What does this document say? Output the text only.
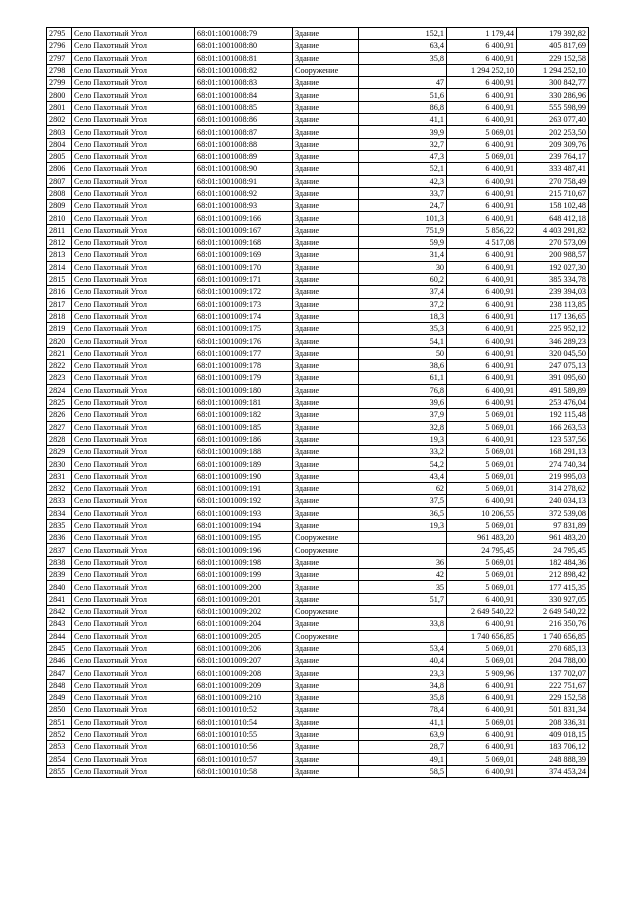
2795	Село Пахотный Угол	68:01:1001008:79	Здание	152,1	1 179,44	179 392,82
2796	Село Пахотный Угол	68:01:1001008:80	Здание	63,4	6 400,91	405 817,69
2797	Село Пахотный Угол	68:01:1001008:81	Здание	35,8	6 400,91	229 152,58
2798	Село Пахотный Угол	68:01:1001008:82	Сооружение		1 294 252,10	1 294 252,10
2799	Село Пахотный Угол	68:01:1001008:83	Здание	47	6 400,91	300 842,77
2800	Село Пахотный Угол	68:01:1001008:84	Здание	51,6	6 400,91	330 286,96
2801	Село Пахотный Угол	68:01:1001008:85	Здание	86,8	6 400,91	555 598,99
2802	Село Пахотный Угол	68:01:1001008:86	Здание	41,1	6 400,91	263 077,40
2803	Село Пахотный Угол	68:01:1001008:87	Здание	39,9	5 069,01	202 253,50
2804	Село Пахотный Угол	68:01:1001008:88	Здание	32,7	6 400,91	209 309,76
2805	Село Пахотный Угол	68:01:1001008:89	Здание	47,3	5 069,01	239 764,17
2806	Село Пахотный Угол	68:01:1001008:90	Здание	52,1	6 400,91	333 487,41
2807	Село Пахотный Угол	68:01:1001008:91	Здание	42,3	6 400,91	270 758,49
2808	Село Пахотный Угол	68:01:1001008:92	Здание	33,7	6 400,91	215 710,67
2809	Село Пахотный Угол	68:01:1001008:93	Здание	24,7	6 400,91	158 102,48
2810	Село Пахотный Угол	68:01:1001009:166	Здание	101,3	6 400,91	648 412,18
2811	Село Пахотный Угол	68:01:1001009:167	Здание	751,9	5 856,22	4 403 291,82
2812	Село Пахотный Угол	68:01:1001009:168	Здание	59,9	4 517,08	270 573,09
2813	Село Пахотный Угол	68:01:1001009:169	Здание	31,4	6 400,91	200 988,57
2814	Село Пахотный Угол	68:01:1001009:170	Здание	30	6 400,91	192 027,30
2815	Село Пахотный Угол	68:01:1001009:171	Здание	60,2	6 400,91	385 334,78
2816	Село Пахотный Угол	68:01:1001009:172	Здание	37,4	6 400,91	239 394,03
2817	Село Пахотный Угол	68:01:1001009:173	Здание	37,2	6 400,91	238 113,85
2818	Село Пахотный Угол	68:01:1001009:174	Здание	18,3	6 400,91	117 136,65
2819	Село Пахотный Угол	68:01:1001009:175	Здание	35,3	6 400,91	225 952,12
2820	Село Пахотный Угол	68:01:1001009:176	Здание	54,1	6 400,91	346 289,23
2821	Село Пахотный Угол	68:01:1001009:177	Здание	50	6 400,91	320 045,50
2822	Село Пахотный Угол	68:01:1001009:178	Здание	38,6	6 400,91	247 075,13
2823	Село Пахотный Угол	68:01:1001009:179	Здание	61,1	6 400,91	391 095,60
2824	Село Пахотный Угол	68:01:1001009:180	Здание	76,8	6 400,91	491 589,89
2825	Село Пахотный Угол	68:01:1001009:181	Здание	39,6	6 400,91	253 476,04
2826	Село Пахотный Угол	68:01:1001009:182	Здание	37,9	5 069,01	192 115,48
2827	Село Пахотный Угол	68:01:1001009:185	Здание	32,8	5 069,01	166 263,53
2828	Село Пахотный Угол	68:01:1001009:186	Здание	19,3	6 400,91	123 537,56
2829	Село Пахотный Угол	68:01:1001009:188	Здание	33,2	5 069,01	168 291,13
2830	Село Пахотный Угол	68:01:1001009:189	Здание	54,2	5 069,01	274 740,34
2831	Село Пахотный Угол	68:01:1001009:190	Здание	43,4	5 069,01	219 995,03
2832	Село Пахотный Угол	68:01:1001009:191	Здание	62	5 069,01	314 278,62
2833	Село Пахотный Угол	68:01:1001009:192	Здание	37,5	6 400,91	240 034,13
2834	Село Пахотный Угол	68:01:1001009:193	Здание	36,5	10 206,55	372 539,08
2835	Село Пахотный Угол	68:01:1001009:194	Здание	19,3	5 069,01	97 831,89
2836	Село Пахотный Угол	68:01:1001009:195	Сооружение		961 483,20	961 483,20
2837	Село Пахотный Угол	68:01:1001009:196	Сооружение		24 795,45	24 795,45
2838	Село Пахотный Угол	68:01:1001009:198	Здание	36	5 069,01	182 484,36
2839	Село Пахотный Угол	68:01:1001009:199	Здание	42	5 069,01	212 898,42
2840	Село Пахотный Угол	68:01:1001009:200	Здание	35	5 069,01	177 415,35
2841	Село Пахотный Угол	68:01:1001009:201	Здание	51,7	6 400,91	330 927,05
2842	Село Пахотный Угол	68:01:1001009:202	Сооружение		2 649 540,22	2 649 540,22
2843	Село Пахотный Угол	68:01:1001009:204	Здание	33,8	6 400,91	216 350,76
2844	Село Пахотный Угол	68:01:1001009:205	Сооружение		1 740 656,85	1 740 656,85
2845	Село Пахотный Угол	68:01:1001009:206	Здание	53,4	5 069,01	270 685,13
2846	Село Пахотный Угол	68:01:1001009:207	Здание	40,4	5 069,01	204 788,00
2847	Село Пахотный Угол	68:01:1001009:208	Здание	23,3	5 909,96	137 702,07
2848	Село Пахотный Угол	68:01:1001009:209	Здание	34,8	6 400,91	222 751,67
2849	Село Пахотный Угол	68:01:1001009:210	Здание	35,8	6 400,91	229 152,58
2850	Село Пахотный Угол	68:01:1001010:52	Здание	78,4	6 400,91	501 831,34
2851	Село Пахотный Угол	68:01:1001010:54	Здание	41,1	5 069,01	208 336,31
2852	Село Пахотный Угол	68:01:1001010:55	Здание	63,9	6 400,91	409 018,15
2853	Село Пахотный Угол	68:01:1001010:56	Здание	28,7	6 400,91	183 706,12
2854	Село Пахотный Угол	68:01:1001010:57	Здание	49,1	5 069,01	248 888,39
2855	Село Пахотный Угол	68:01:1001010:58	Здание	58,5	6 400,91	374 453,24
